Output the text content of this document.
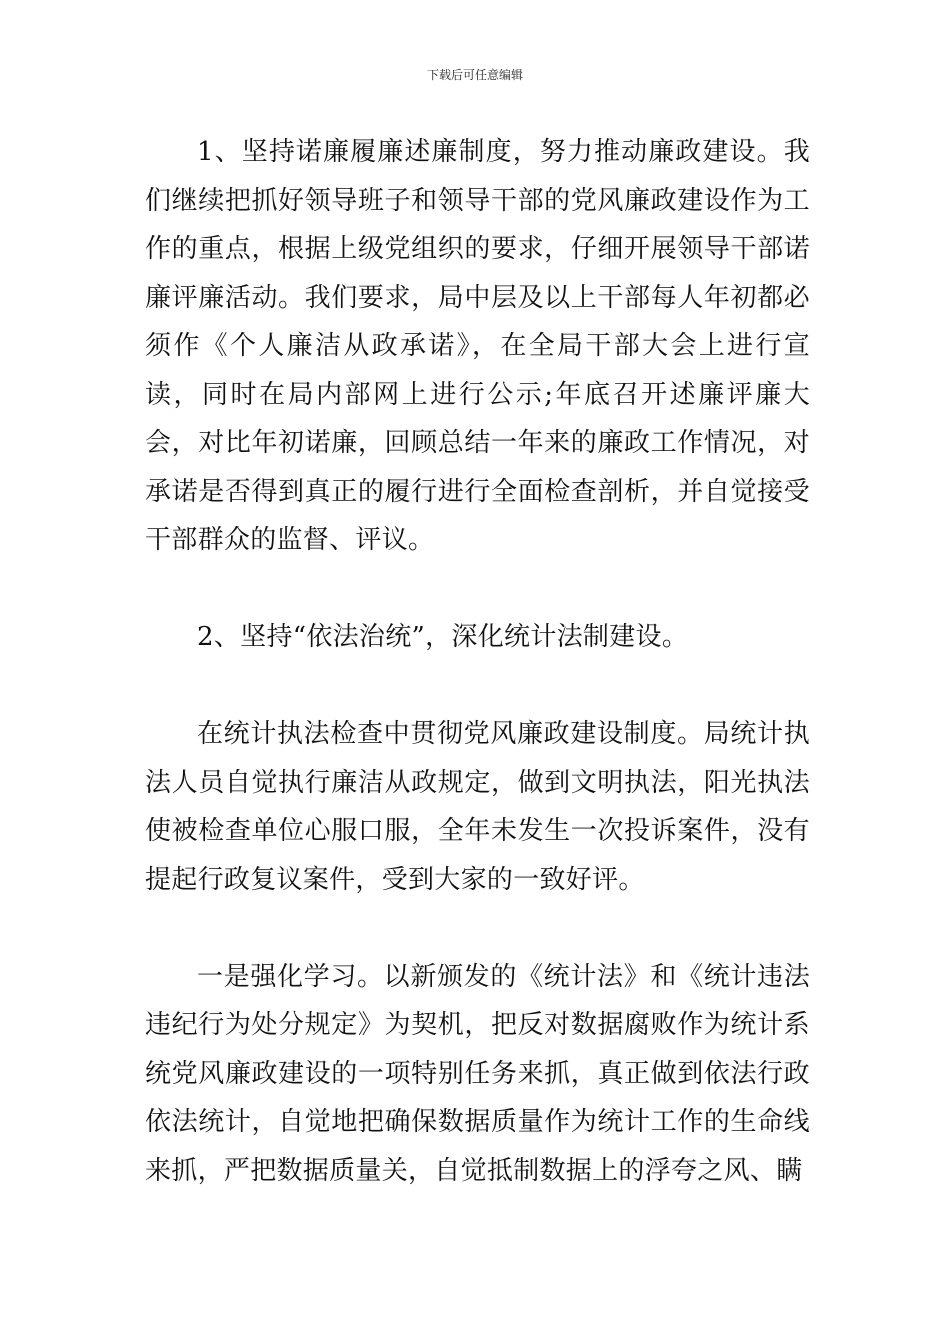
下载后可任意编辑

1、坚持诺廉履廉述廉制度，努力推动廉政建设。我们继续把抓好领导班子和领导干部的党风廉政建设作为工作的重点，根据上级党组织的要求，仔细开展领导干部诺廉评廉活动。我们要求，局中层及以上干部每人年初都必须作《个人廉洁从政承诺》，在全局干部大会上进行宣读，同时在局内部网上进行公示;年底召开述廉评廉大会，对比年初诺廉，回顾总结一年来的廉政工作情况，对承诺是否得到真正的履行进行全面检查剖析，并自觉接受干部群众的监督、评议。

2、坚持“依法治统”，深化统计法制建设。

在统计执法检查中贯彻党风廉政建设制度。局统计执法人员自觉执行廉洁从政规定，做到文明执法，阳光执法使被检查单位心服口服，全年未发生一次投诉案件，没有提起行政复议案件，受到大家的一致好评。

一是强化学习。以新颁发的《统计法》和《统计违法违纪行为处分规定》为契机，把反对数据腐败作为统计系统党风廉政建设的一项特别任务来抓，真正做到依法行政依法统计，自觉地把确保数据质量作为统计工作的生命线来抓，严把数据质量关，自觉抵制数据上的浮夸之风、瞒
